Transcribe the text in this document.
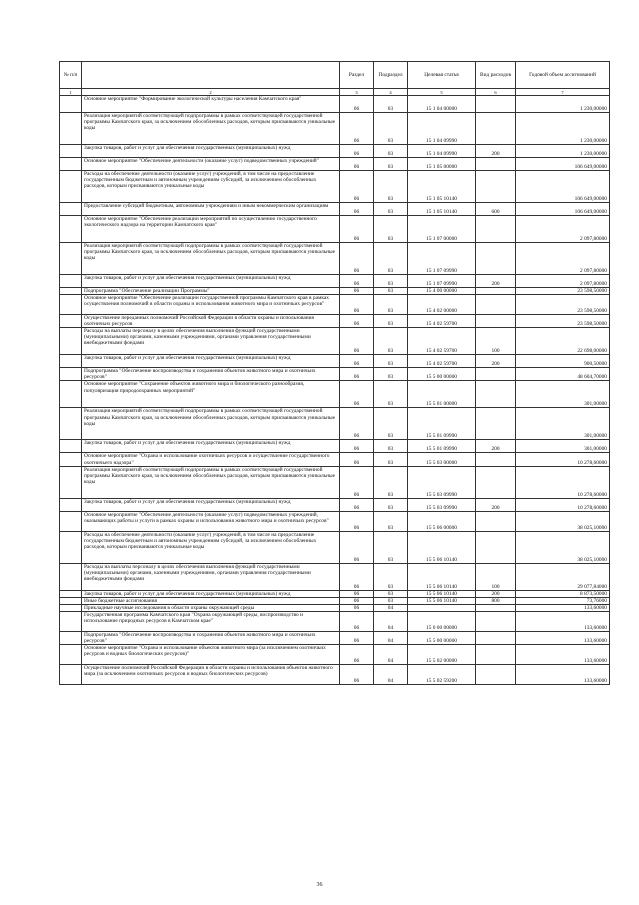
№ п/п		Раздел	Подраздел	Целевая статья	Вид расходов	Годовой объем ассигнований
1	2	3	4	5	6	7
	Основное мероприятие "Формирование экологической культуры населения Камчатского края"	06	03	15 1 04 00000		1 230,00000
	Реализация мероприятий соответствующей подпрограммы в рамках соответствующей государственной программы Камчатского края, за исключением обособленных расходов, которым присваиваются уникальные коды	06	03	15 1 04 09990		1 230,00000
	Закупка товаров, работ и услуг для обеспечения государственных (муниципальных) нужд	06	03	15 1 04 09990	200	1 230,00000
	Основное мероприятие "Обеспечение деятельности (оказание услуг) подведомственных учреждений"	06	03	15 1 05 00000		106 649,00000
	Расходы на обеспечение деятельности (оказание услуг) учреждений, в том числе на предоставление государственным бюджетным и автономным учреждениям субсидий, за исключением обособленных расходов, которым присваиваются уникальные коды	06	03	15 1 05 10140		106 649,00000
	Предоставление субсидий бюджетным, автономным учреждениям и иным некоммерческим организациям	06	03	15 1 05 10140	600	106 649,00000
	Основное мероприятие "Обеспечение реализации мероприятий по осуществлению государственного экологического надзора на территории Камчатского края"	06	03	15 1 07 00000		2 097,80000
	Реализация мероприятий соответствующей подпрограммы в рамках соответствующей государственной программы Камчатского края, за исключением обособленных расходов, которым присваиваются уникальные коды	06	03	15 1 07 09990		2 097,80000
	Закупка товаров, работ и услуг для обеспечения государственных (муниципальных) нужд	06	03	15 1 07 09990	200	2 097,80000
	Подпрограмма "Обеспечение реализации Программы"	06	03	15 4 00 00000		23 598,50000
	Основное мероприятие "Обеспечение реализации государственной программы Камчатского края в рамках осуществления полномочий в области охраны и использования животного мира и охотничьих ресурсов"	06	03	15 4 02 00000		23 598,50000
	Осуществление переданных полномочий Российской Федерации в области охраны и использования охотничьих ресурсов	06	03	15 4 02 59700		23 598,50000
	Расходы на выплаты персоналу в целях обеспечения выполнения функций государственными (муниципальными) органами, казенными учреждениями, органами управления государственными внебюджетными фондами	06	03	15 4 02 59700	100	22 698,00000
	Закупка товаров, работ и услуг для обеспечения государственных (муниципальных) нужд	06	03	15 4 02 59700	200	900,50000
	Подпрограмма "Обеспечение воспроизводства и сохранения объектов животного мира и охотничьих ресурсов"	06	03	15 5 00 00000		48 604,70000
	Основное мероприятие "Сохранение объектов животного мира и биологического разнообразия, популяризация природоохранных мероприятий"	06	03	15 5 01 00000		301,00000
	Реализация мероприятий соответствующей подпрограммы в рамках соответствующей государственной программы Камчатского края, за исключением обособленных расходов, которым присваиваются уникальные коды	06	03	15 5 01 09990		301,00000
	Закупка товаров, работ и услуг для обеспечения государственных (муниципальных) нужд	06	03	15 5 01 09990	200	301,00000
	Основное мероприятие "Охрана и использование охотничьих ресурсов и осуществление государственного охотничьего надзора"	06	03	15 5 03 00000		10 278,60000
	Реализация мероприятий соответствующей подпрограммы в рамках соответствующей государственной программы Камчатского края, за исключением обособленных расходов, которым присваиваются уникальные коды	06	03	15 5 03 09990		10 278,60000
	Закупка товаров, работ и услуг для обеспечения государственных (муниципальных) нужд	06	03	15 5 03 09990	200	10 278,60000
	Основное мероприятие "Обеспечение деятельности (оказание услуг) подведомственных учреждений, оказывающих работы и услуги в рамках охраны и использования животного мира и охотничьих ресурсов"	06	03	15 5 06 00000		38 025,10000
	Расходы на обеспечение деятельности (оказание услуг) учреждений, в том числе на предоставление государственным бюджетным и автономным учреждениям субсидий, за исключением обособленных расходов, которым присваиваются уникальные коды	06	03	15 5 06 10140		38 025,10000
	Расходы на выплаты персоналу в целях обеспечения выполнения функций государственными (муниципальными) органами, казенными учреждениями, органами управления государственными внебюджетными фондами	06	03	15 5 06 10140	100	29 077,84000
	Закупка товаров, работ и услуг для обеспечения государственных (муниципальных) нужд	06	03	15 5 06 10140	200	8 873,50000
	Иные бюджетные ассигнования	06	03	15 5 06 10140	800	73,76000
	Прикладные научные исследования в области охраны окружающей среды	06	04			133,60000
	Государственная программа Камчатского края "Охрана окружающей среды, воспроизводство и использование природных ресурсов в Камчатском крае"	06	04	15 0 00 00000		133,60000
	Подпрограмма "Обеспечение воспроизводства и сохранения объектов животного мира и охотничьих ресурсов"	06	04	15 5 00 00000		133,60000
	Основное мероприятие "Охрана и использование объектов животного мира (за исключением охотничьих ресурсов и водных биологических ресурсов)"	06	04	15 5 02 00000		133,60000
	Осуществление полномочий Российской Федерации в области охраны и использования объектов животного мира (за исключением охотничьих ресурсов и водных биологических ресурсов)	06	04	15 5 02 59200		133,60000
36
